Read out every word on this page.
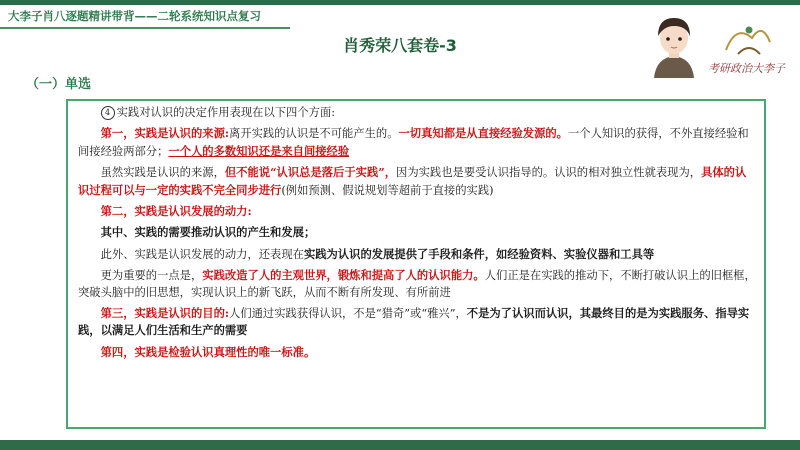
大李子肖八逐题精讲带背——二轮系统知识点复习
肖秀荣八套卷-3
（一）单选
考研政治大李子

4 实践对认识的决定作用表现在以下四个方面:

第一，实践是认识的来源:离开实践的认识是不可能产生的。一切真知都是从直接经验发源的。一个人知识的获得，不外直接经验和间接经验两部分；一个人的多数知识还是来自间接经验

虽然实践是认识的来源，但不能说“认识总是落后于实践”，因为实践也是要受认识指导的。认识的相对独立性就表现为，具体的认识过程可以与一定的实践不完全同步进行(例如预测、假说规划等超前于直接的实践)

第二，实践是认识发展的动力:

其中、实践的需要推动认识的产生和发展；

此外、实践是认识发展的动力，还表现在实践为认识的发展提供了手段和条件，如经验资料、实验仪器和工具等

更为重要的一点是，实践改造了人的主观世界，锻炼和提高了人的认识能力。人们正是在实践的推动下，不断打破认识上的旧框框，突破头脑中的旧思想，实现认识上的新飞跃，从而不断有所发现、有所前进

第三，实践是认识的目的:人们通过实践获得认识，不是“猎奇”或“雅兴”，不是为了认识而认识，其最终目的是为实践服务、指导实践，以满足人们生活和生产的需要

第四，实践是检验认识真理性的唯一标准。
